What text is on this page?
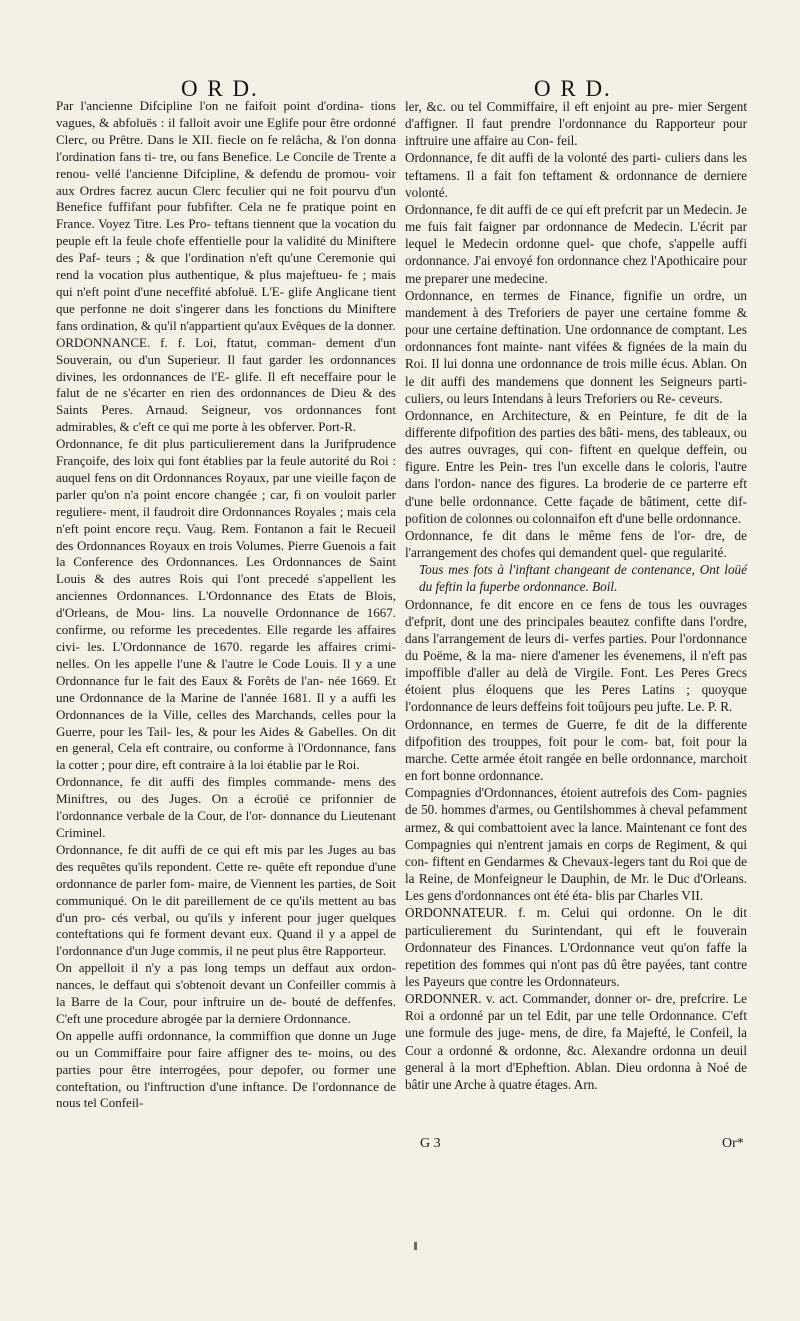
O R D.	O R D.

Par l'ancienne Difcipline l'on ne faifoit point d'ordina- tions vagues, & abfoluës : il falloit avoir une Eglife pour être ordonné Clerc, ou Prêtre. Dans le XII. fiecle on fe relâcha, & l'on donna l'ordination fans ti- tre, ou fans Benefice. Le Concile de Trente a renou- vellé l'ancienne Difcipline, & defendu de promou- voir aux Ordres facrez aucun Clerc feculier qui ne foit pourvu d'un Benefice fuffifant pour fubfifter. Cela ne fe pratique point en France. Voyez Titre. Les Pro- teftans tiennent que la vocation du peuple eft la feule chofe effentielle pour la validité du Miniftere des Paf- teurs ; & que l'ordination n'eft qu'une Ceremonie qui rend la vocation plus authentique, & plus majeftueu- fe ; mais qui n'eft point d'une neceffité abfoluë. L'E- glife Anglicane tient que perfonne ne doit s'ingerer dans les fonctions du Miniftere fans ordination, & qu'il n'appartient qu'aux Evêques de la donner.

ORDONNANCE. f. f. Loi, ftatut, comman- dement d'un Souverain, ou d'un Superieur. Il faut garder les ordonnances divines, les ordonnances de l'E- glife. Il eft neceffaire pour le falut de ne s'écarter en rien des ordonnances de Dieu & des Saints Peres. Arnaud. Seigneur, vos ordonnances font admirables, & c'eft ce qui me porte à les obferver. Port-R.

Ordonnance, fe dit plus particulierement dans la Jurifprudence Françoife, des loix qui font établies par la feule autorité du Roi : auquel fens on dit Ordonnances Royaux, par une vieille façon de parler qu'on n'a point encore changée ; car, fi on vouloit parler reguliere- ment, il faudroit dire Ordonnances Royales ; mais cela n'eft point encore reçu. Vaug. Rem. Fontanon a fait le Recueil des Ordonnances Royaux en trois Volumes. Pierre Guenois a fait la Conference des Ordonnances. Les Ordonnances de Saint Louis & des autres Rois qui l'ont precedé s'appellent les anciennes Ordonnances. L'Ordonnance des Etats de Blois, d'Orleans, de Mou- lins. La nouvelle Ordonnance de 1667. confirme, ou reforme les precedentes. Elle regarde les affaires civi- les. L'Ordonnance de 1670. regarde les affaires crimi- nelles. On les appelle l'une & l'autre le Code Louis. Il y a une Ordonnance fur le fait des Eaux & Forêts de l'an- née 1669. Et une Ordonnance de la Marine de l'année 1681. Il y a auffi les Ordonnances de la Ville, celles des Marchands, celles pour la Guerre, pour les Tail- les, & pour les Aides & Gabelles. On dit en general, Cela eft contraire, ou conforme à l'Ordonnance, fans la cotter ; pour dire, eft contraire à la loi établie par le Roi.

Ordonnance, fe dit auffi des fimples commande- mens des Miniftres, ou des Juges. On a écroüé ce prifonnier de l'ordonnance verbale de la Cour, de l'or- donnance du Lieutenant Criminel.

Ordonnance, fe dit auffi de ce qui eft mis par les Juges au bas des requêtes qu'ils repondent. Cette re- quête eft repondue d'une ordonnance de parler fom- maire, de Viennent les parties, de Soit communiqué. On le dit pareillement de ce qu'ils mettent au bas d'un pro- cés verbal, ou qu'ils y inferent pour juger quelques conteftations qui fe forment devant eux. Quand il y a appel de l'ordonnance d'un Juge commis, il ne peut plus être Rapporteur.

On appelloit il n'y a pas long temps un deffaut aux ordon- nances, le deffaut qui s'obtenoit devant un Confeiller commis à la Barre de la Cour, pour inftruire un de- bouté de deffenfes. C'eft une procedure abrogée par la derniere Ordonnance.

On appelle auffi ordonnance, la commiffion que donne un Juge ou un Commiffaire pour faire affigner des te- moins, ou des parties pour être interrogées, pour depofer, ou former une conteftation, ou l'inftruction d'une inftance. De l'ordonnance de nous tel Confeil-

ler, &c. ou tel Commiffaire, il eft enjoint au pre- mier Sergent d'affigner. Il faut prendre l'ordonnance du Rapporteur pour inftruire une affaire au Con- feil.

Ordonnance, fe dit auffi de la volonté des parti- culiers dans les teftamens. Il a fait fon teftament & ordonnance de derniere volonté.

Ordonnance, fe dit auffi de ce qui eft prefcrit par un Medecin. Je me fuis fait faigner par ordonnance de Medecin. L'écrit par lequel le Medecin ordonne quel- que chofe, s'appelle auffi ordonnance. J'ai envoyé fon ordonnance chez l'Apothicaire pour me preparer une medecine.

Ordonnance, en termes de Finance, fignifie un ordre, un mandement à des Treforiers de payer une certaine fomme & pour une certaine deftination. Une ordonnance de comptant. Les ordonnances font mainte- nant vifées & fignées de la main du Roi. Il lui donna une ordonnance de trois mille écus. Ablan. On le dit auffi des mandemens que donnent les Seigneurs parti- culiers, ou leurs Intendans à leurs Treforiers ou Re- ceveurs.

Ordonnance, en Architecture, & en Peinture, fe dit de la differente difpofition des parties des bâti- mens, des tableaux, ou des autres ouvrages, qui con- fiftent en quelque deffein, ou figure. Entre les Pein- tres l'un excelle dans le coloris, l'autre dans l'ordon- nance des figures. La broderie de ce parterre eft d'une belle ordonnance. Cette façade de bâtiment, cette dif- pofition de colonnes ou colonnaifon eft d'une belle ordonnance.

Ordonnance, fe dit dans le même fens de l'or- dre, de l'arrangement des chofes qui demandent quel- que regularité.

Tous mes fots à l'inftant changeant de contenance, Ont loüé du feftin la fuperbe ordonnance. Boil.

Ordonnance, fe dit encore en ce fens de tous les ouvrages d'efprit, dont une des principales beautez confifte dans l'ordre, dans l'arrangement de leurs di- verfes parties. Pour l'ordonnance du Poëme, & la ma- niere d'amener les évenemens, il n'eft pas impoffible d'aller au delà de Virgile. Font. Les Peres Grecs étoient plus éloquens que les Peres Latins ; quoyque l'ordonnance de leurs deffeins foit toûjours peu jufte. Le. P. R.

Ordonnance, en termes de Guerre, fe dit de la differente difpofition des trouppes, foit pour le com- bat, foit pour la marche. Cette armée étoit rangée en belle ordonnance, marchoit en fort bonne ordonnance.

Compagnies d'Ordonnances, étoient autrefois des Com- pagnies de 50. hommes d'armes, ou Gentilshommes à cheval pefamment armez, & qui combattoient avec la lance. Maintenant ce font des Compagnies qui n'entrent jamais en corps de Regiment, & qui con- fiftent en Gendarmes & Chevaux-legers tant du Roi que de la Reine, de Monfeigneur le Dauphin, de Mr. le Duc d'Orleans. Les gens d'ordonnances ont été éta- blis par Charles VII.

ORDONNATEUR. f. m. Celui qui ordonne. On le dit particulierement du Surintendant, qui eft le fouverain Ordonnateur des Finances. L'Ordonnance veut qu'on faffe la repetition des fommes qui n'ont pas dû être payées, tant contre les Payeurs que contre les Ordonnateurs.

ORDONNER. v. act. Commander, donner or- dre, prefcrire. Le Roi a ordonné par un tel Edit, par une telle Ordonnance. C'eft une formule des juge- mens, de dire, fa Majefté, le Confeil, la Cour a ordonné & ordonne, &c. Alexandre ordonna un deuil general à la mort d'Epheftion. Ablan. Dieu ordonna à Noé de bâtir une Arche à quatre étages. Arn.

G 3	Or*
